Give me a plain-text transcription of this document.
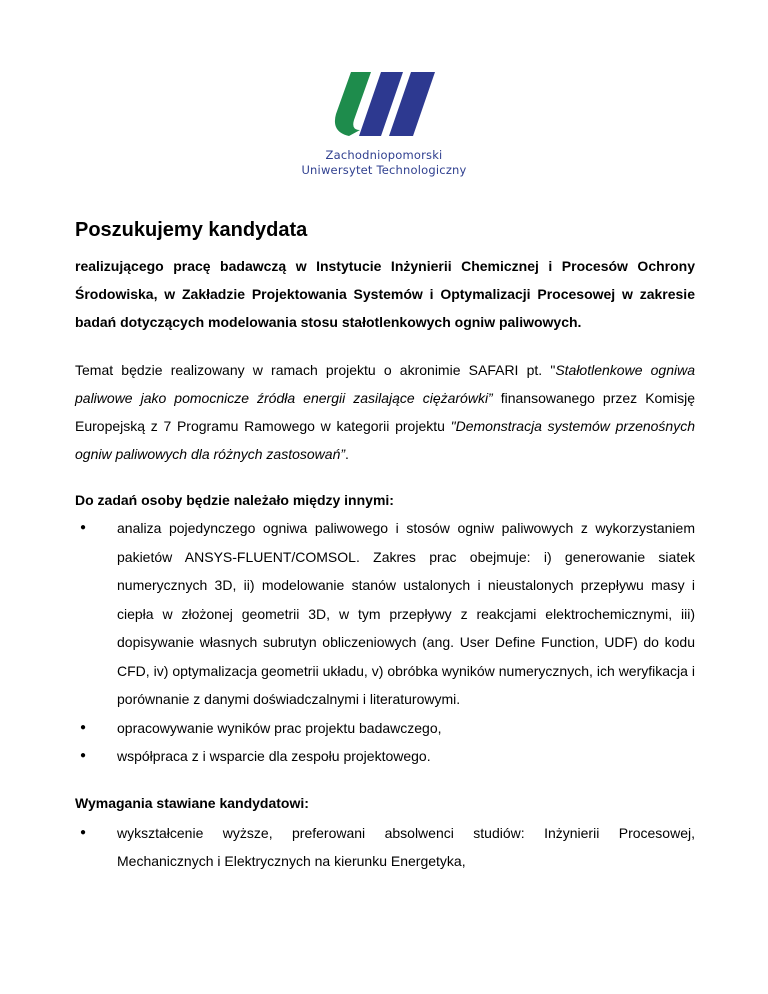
Zachodniopomorski
Uniwersytet Technologiczny
Poszukujemy kandydata

realizującego pracę badawczą w Instytucie Inżynierii Chemicznej i Procesów Ochrony Środowiska, w Zakładzie Projektowania Systemów i Optymalizacji Procesowej w zakresie badań dotyczących modelowania stosu stałotlenkowych ogniw paliwowych.

Temat będzie realizowany w ramach projektu o akronimie SAFARI pt. "Stałotlenkowe ogniwa paliwowe jako pomocnicze źródła energii zasilające ciężarówki” finansowanego przez Komisję Europejską z 7 Programu Ramowego w kategorii projektu "Demonstracja systemów przenośnych ogniw paliwowych dla różnych zastosowań”.

Do zadań osoby będzie należało między innymi:
● analiza pojedynczego ogniwa paliwowego i stosów ogniw paliwowych z wykorzystaniem pakietów ANSYS-FLUENT/COMSOL. Zakres prac obejmuje: i) generowanie siatek numerycznych 3D, ii) modelowanie stanów ustalonych i nieustalonych przepływu masy i ciepła w złożonej geometrii 3D, w tym przepływy z reakcjami elektrochemicznymi, iii) dopisywanie własnych subrutyn obliczeniowych (ang. User Define Function, UDF) do kodu CFD, iv) optymalizacja geometrii układu, v) obróbka wyników numerycznych, ich weryfikacja i porównanie z danymi doświadczalnymi i literaturowymi.
● opracowywanie wyników prac projektu badawczego,
● współpraca z i wsparcie dla zespołu projektowego.
Wymagania stawiane kandydatowi:
● wykształcenie wyższe, preferowani absolwenci studiów: Inżynierii Procesowej, Mechanicznych i Elektrycznych na kierunku Energetyka,
